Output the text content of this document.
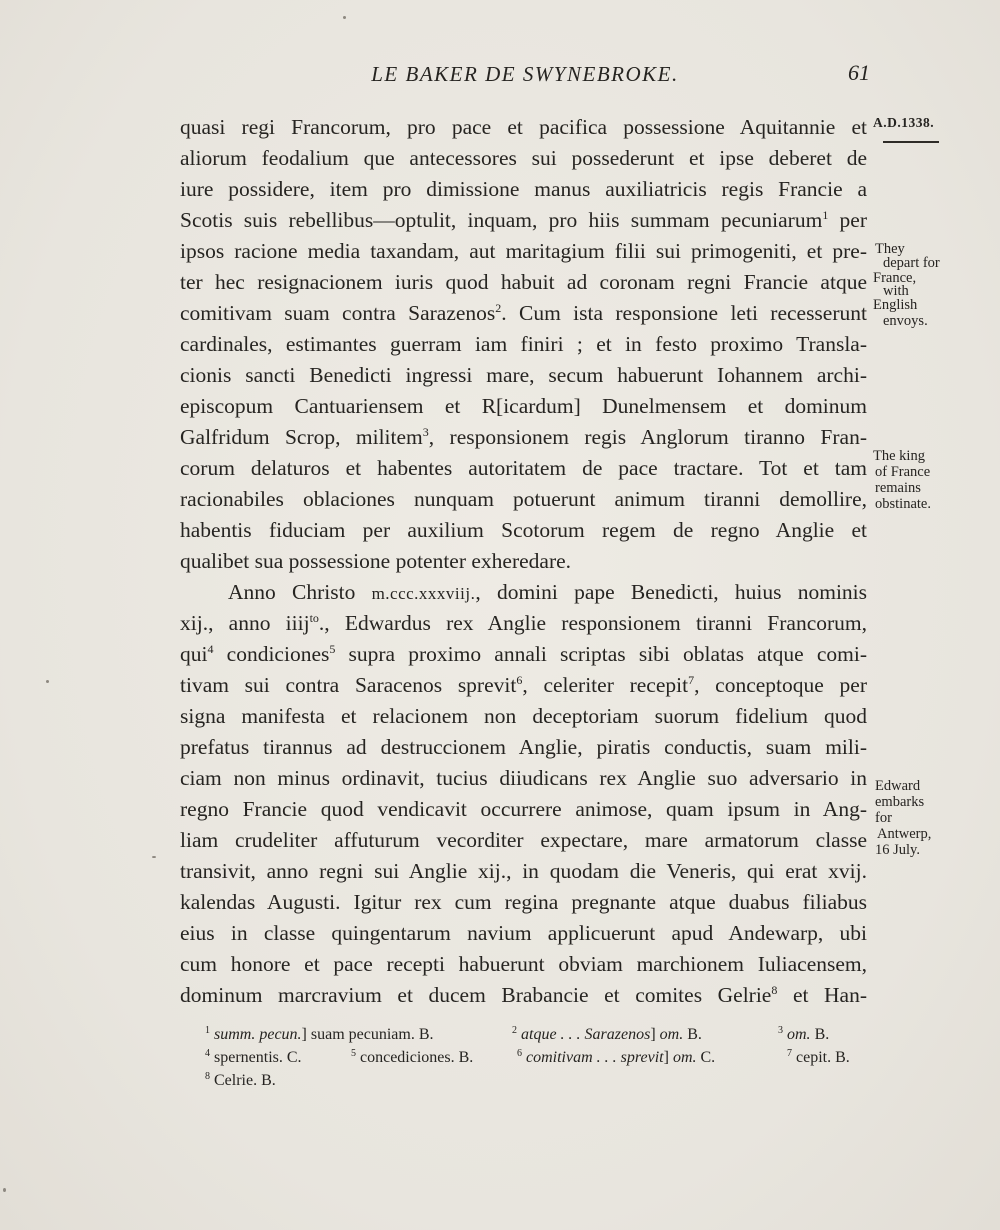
LE BAKER DE SWYNEBROKE.	61
quasi regi Francorum, pro pace et pacifica possessione Aquitannie et
aliorum feodalium que antecessores sui possederunt et ipse deberet de
iure possidere, item pro dimissione manus auxiliatricis regis Francie a
Scotis suis rebellibus—optulit, inquam, pro hiis summam pecuniarum$^1$ per
ipsos racione media taxandam, aut maritagium filii sui primogeniti, et pre-
ter hec resignacionem iuris quod habuit ad coronam regni Francie atque
comitivam suam contra Sarazenos$^2$. Cum ista responsione leti recesserunt
cardinales, estimantes guerram iam finiri ; et in festo proximo Transla-
cionis sancti Benedicti ingressi mare, secum habuerunt Iohannem archi-
episcopum Cantuariensem et R[icardum] Dunelmensem et dominum
Galfridum Scrop, militem$^3$, responsionem regis Anglorum tiranno Fran-
corum delaturos et habentes autoritatem de pace tractare. Tot et tam
racionabiles oblaciones nunquam potuerunt animum tiranni demollire,
habentis fiduciam per auxilium Scotorum regem de regno Anglie et
qualibet sua possessione potenter exheredare.
Anno Christo m.ccc.xxxviij., domini pape Benedicti, huius nominis
xij., anno iiij$^{to}$., Edwardus rex Anglie responsionem tiranni Francorum,
qui$^4$ condiciones$^5$ supra proximo annali scriptas sibi oblatas atque comi-
tivam sui contra Saracenos sprevit$^6$, celeriter recepit$^7$, conceptoque per
signa manifesta et relacionem non deceptoriam suorum fidelium quod
prefatus tirannus ad destruccionem Anglie, piratis conductis, suam mili-
ciam non minus ordinavit, tucius diiudicans rex Anglie suo adversario in
regno Francie quod vendicavit occurrere animose, quam ipsum in Ang-
liam crudeliter affuturum vecorditer expectare, mare armatorum classe
transivit, anno regni sui Anglie xij., in quodam die Veneris, qui erat xvij.
kalendas Augusti. Igitur rex cum regina pregnante atque duabus filiabus
eius in classe quingentarum navium applicuerunt apud Andewarp, ubi
cum honore et pace recepti habuerunt obviam marchionem Iuliacensem,
dominum marcravium et ducem Brabancie et comites Gelrie$^8$ et Han-
A.D.1338.
They
depart for
France,
with
English
envoys.
The king
of France
remains
obstinate.
Edward
embarks
for
Antwerp,
16 July.
$^1$ summ. pecun.] suam pecuniam. B.	$^2$ atque . . . Sarazenos] om. B.	$^3$ om. B.
$^4$ spernentis. C.	$^5$ concediciones. B.	$^6$ comitivam . . . sprevit] om. C.	$^7$ cepit. B.
$^8$ Celrie. B.
